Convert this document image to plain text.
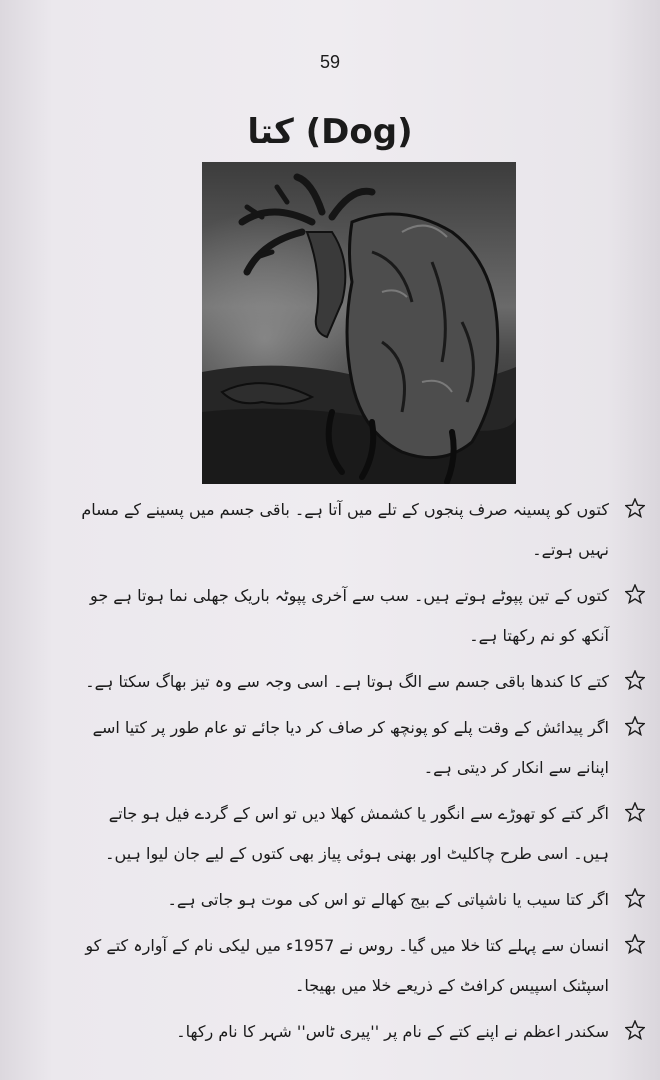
59
کتا (Dog)
کتوں کو پسینہ صرف پنجوں کے تلے میں آتا ہے۔ باقی جسم میں پسینے کے مسام نہیں ہوتے۔
کتوں کے تین پپوٹے ہوتے ہیں۔ سب سے آخری پپوٹہ باریک جھلی نما ہوتا ہے جو آنکھ کو نم رکھتا ہے۔
کتے کا کندھا باقی جسم سے الگ ہوتا ہے۔ اسی وجہ سے وہ تیز بھاگ سکتا ہے۔
اگر پیدائش کے وقت پلے کو پونچھ کر صاف کر دیا جائے تو عام طور پر کتیا اسے اپنانے سے انکار کر دیتی ہے۔
اگر کتے کو تھوڑے سے انگور یا کشمش کھلا دیں تو اس کے گردے فیل ہو جاتے ہیں۔ اسی طرح چاکلیٹ اور بھنی ہوئی پیاز بھی کتوں کے لیے جان لیوا ہیں۔
اگر کتا سیب یا ناشپاتی کے بیج کھالے تو اس کی موت ہو جاتی ہے۔
انسان سے پہلے کتا خلا میں گیا۔ روس نے 1957ء میں لیکی نام کے آوارہ کتے کو اسپٹنک اسپیس کرافٹ کے ذریعے خلا میں بھیجا۔
سکندر اعظم نے اپنے کتے کے نام پر ''پیری ٹاس'' شہر کا نام رکھا۔
